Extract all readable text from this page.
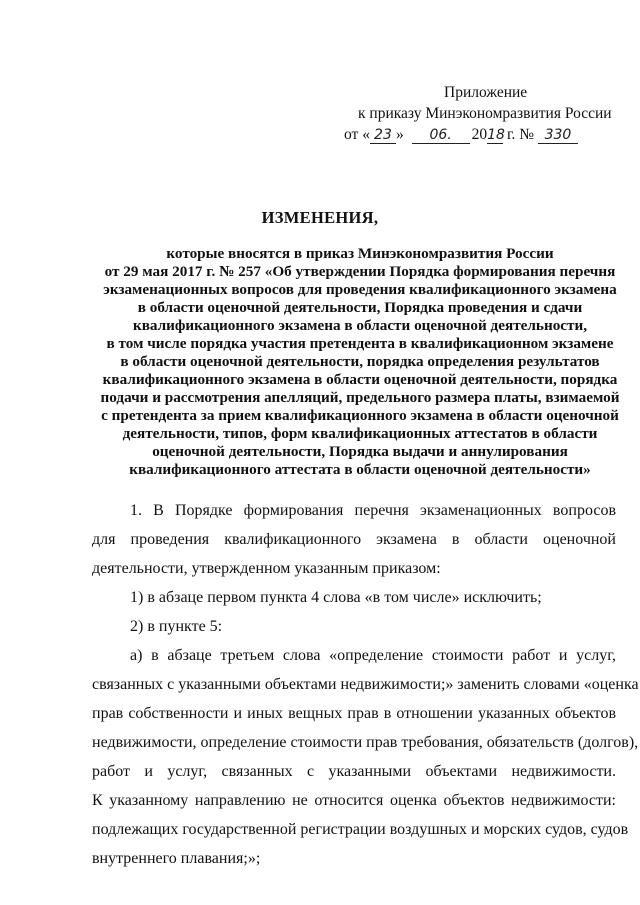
Приложение
к приказу Минэкономразвития России
от « 23 » 06. 2018 г. № 330
ИЗМЕНЕНИЯ,
которые вносятся в приказ Минэкономразвития России
от 29 мая 2017 г. № 257 «Об утверждении Порядка формирования перечня
экзаменационных вопросов для проведения квалификационного экзамена
в области оценочной деятельности, Порядка проведения и сдачи
квалификационного экзамена в области оценочной деятельности,
в том числе порядка участия претендента в квалификационном экзамене
в области оценочной деятельности, порядка определения результатов
квалификационного экзамена в области оценочной деятельности, порядка
подачи и рассмотрения апелляций, предельного размера платы, взимаемой
с претендента за прием квалификационного экзамена в области оценочной
деятельности, типов, форм квалификационных аттестатов в области
оценочной деятельности, Порядка выдачи и аннулирования
квалификационного аттестата в области оценочной деятельности»
1. В Порядке формирования перечня экзаменационных вопросов
для проведения квалификационного экзамена в области оценочной
деятельности, утвержденном указанным приказом:
1) в абзаце первом пункта 4 слова «в том числе» исключить;
2) в пункте 5:
а) в абзаце третьем слова «определение стоимости работ и услуг,
связанных с указанными объектами недвижимости;» заменить словами «оценка
прав собственности и иных вещных прав в отношении указанных объектов
недвижимости, определение стоимости прав требования, обязательств (долгов),
работ и услуг, связанных с указанными объектами недвижимости.
К указанному направлению не относится оценка объектов недвижимости:
подлежащих государственной регистрации воздушных и морских судов, судов
внутреннего плавания;»;
